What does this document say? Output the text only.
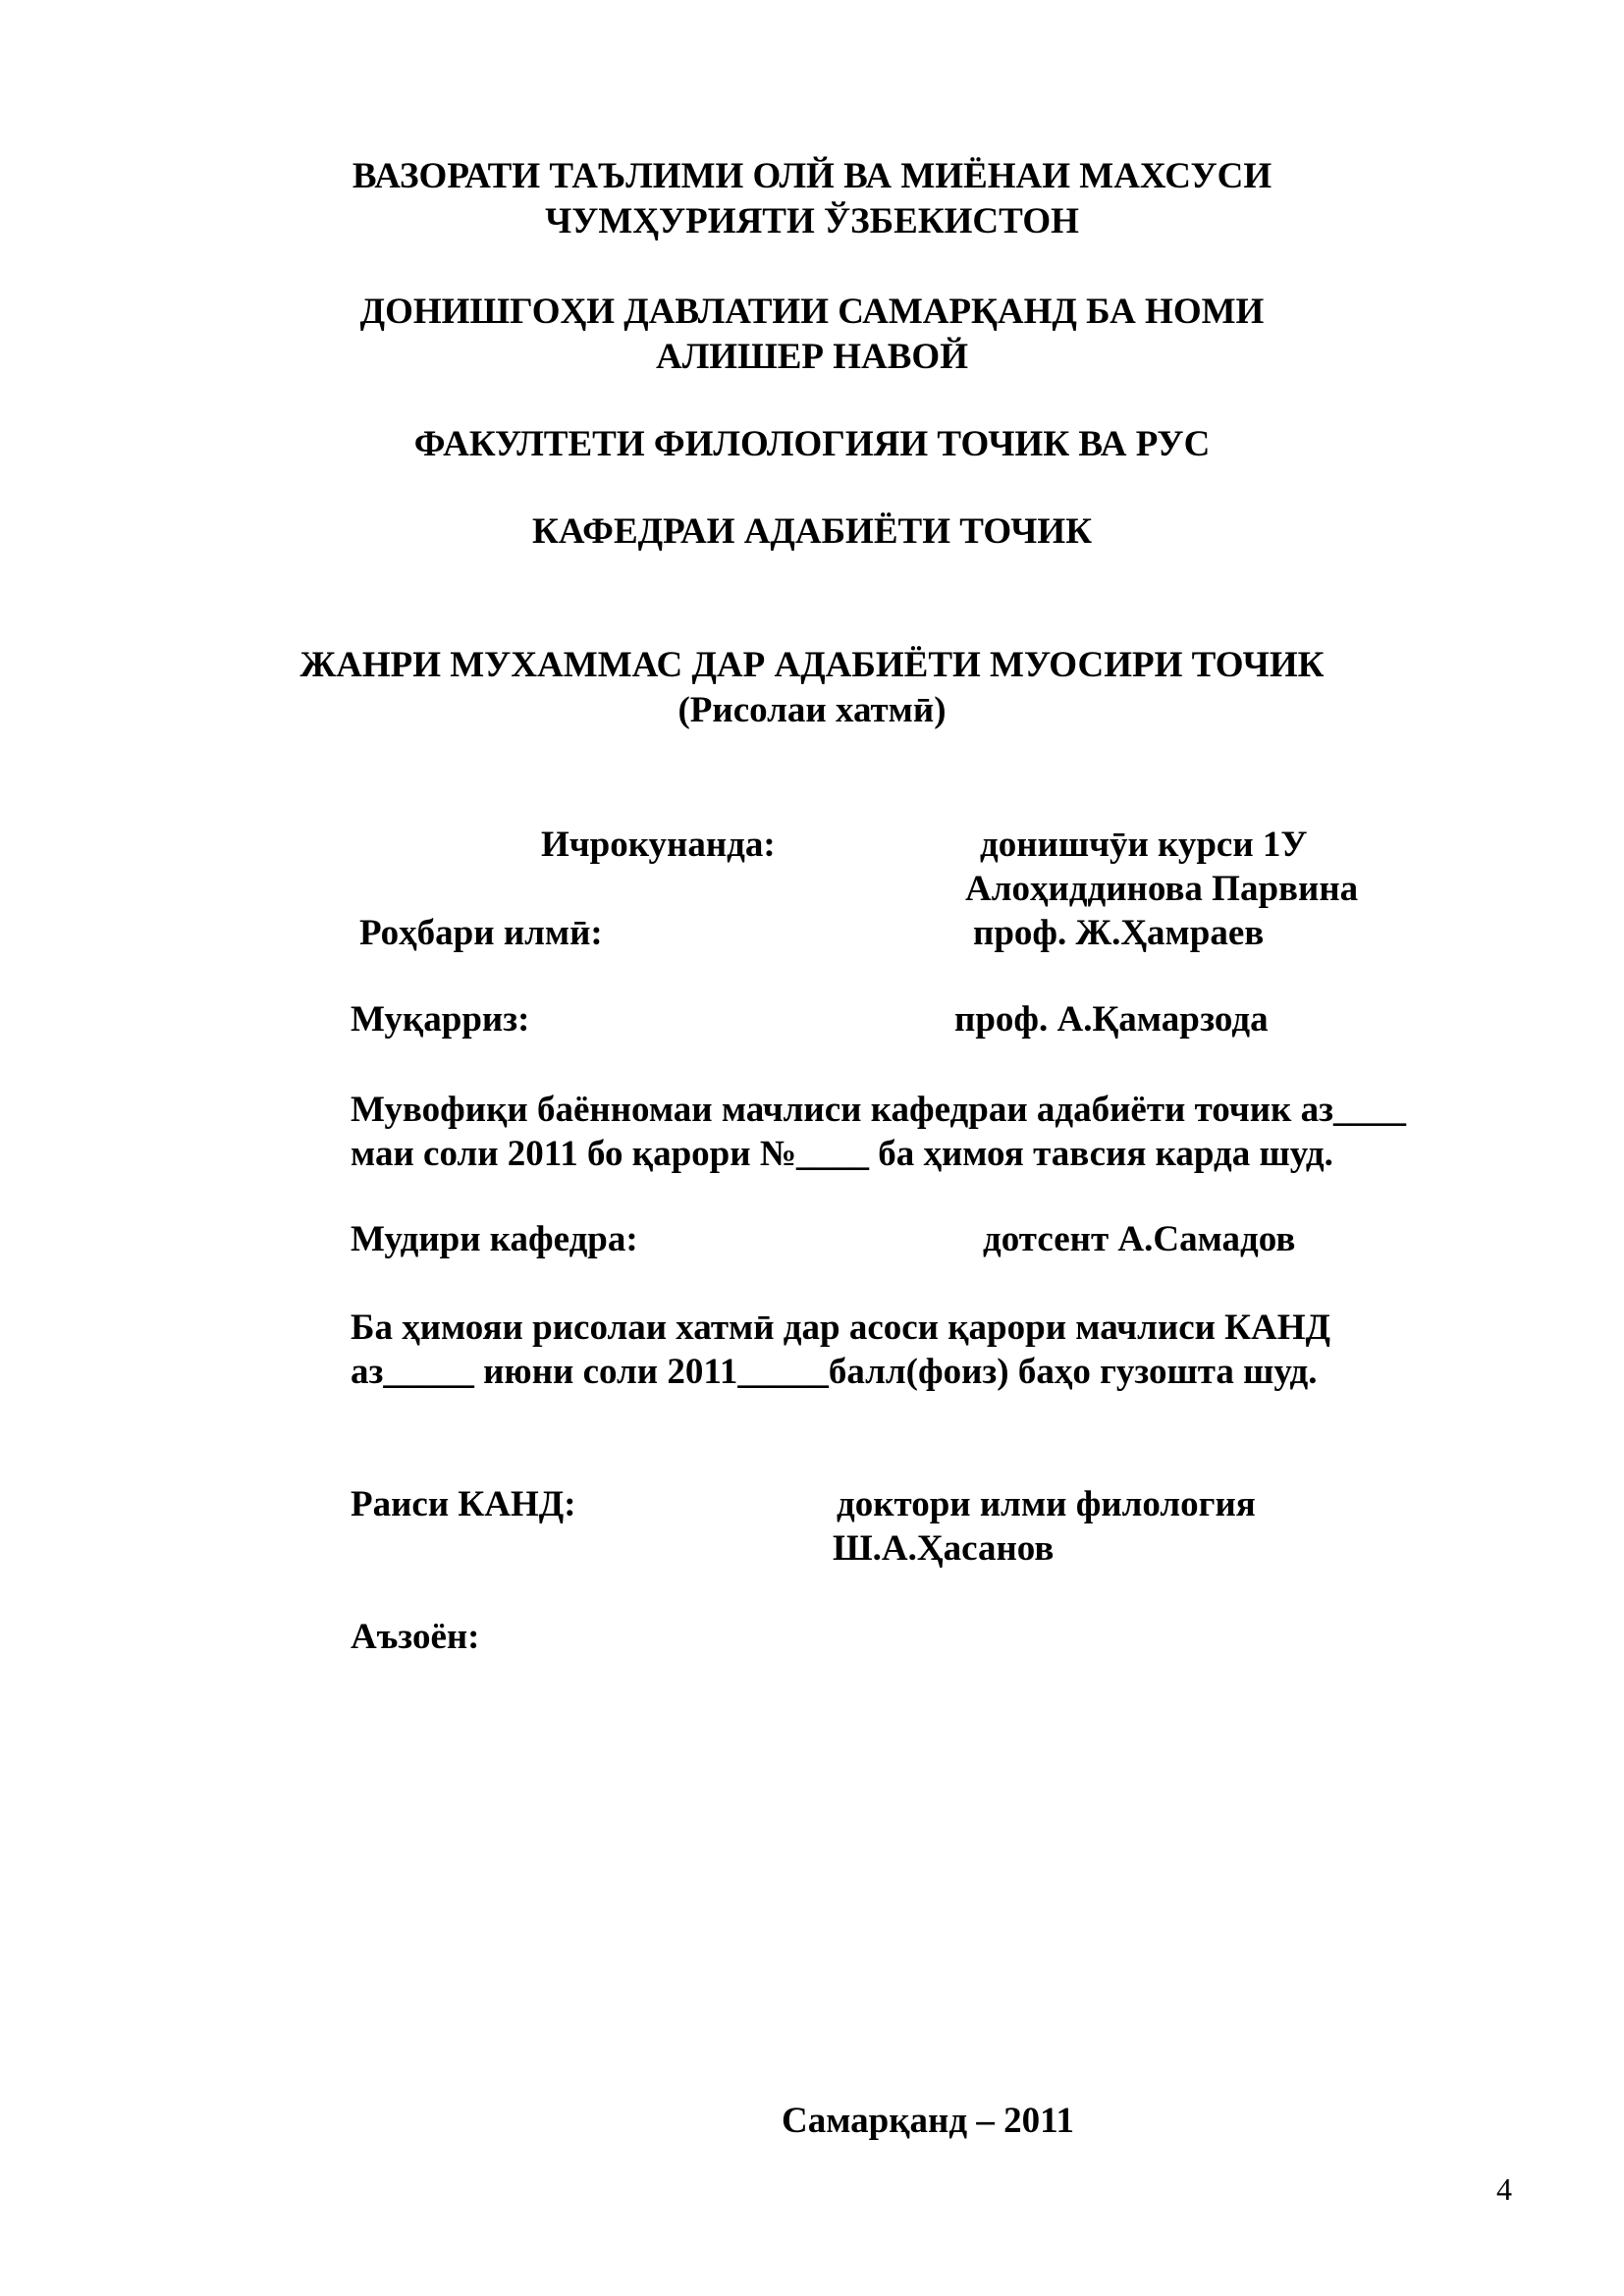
ВАЗОРАТИ ТАЪЛИМИ ОЛЙ ВА МИЁНАИ МАХСУСИ
ЧУМҲУРИЯТИ ЎЗБЕКИСТОН
ДОНИШГОҲИ ДАВЛАТИИ САМАРҚАНД БА НОМИ
АЛИШЕР НАВОЙ
ФАКУЛТЕТИ ФИЛОЛОГИЯИ ТОЧИК ВА РУС
КАФЕДРАИ АДАБИЁТИ ТОЧИК
ЖАНРИ МУХАММАС ДАР АДАБИЁТИ МУОСИРИ ТОЧИК
(Рисолаи хатмӣ)
Ичрокунанда:	донишчӯи курси 1У
Алоҳиддинова Парвина
Роҳбари илмӣ:	проф. Ж.Ҳамраев
Муқарриз:	проф. А.Қамарзода
Мувофиқи баённомаи мачлиси кафедраи адабиёти точик аз____
маи соли 2011 бо қарори №____ ба ҳимоя тавсия карда шуд.
Мудири кафедра:	дотсент А.Самадов
Ба ҳимояи рисолаи хатмӣ дар асоси қарори мачлиси КАНД
аз_____ июни соли 2011_____балл(фоиз) баҳо гузошта шуд.
Раиси КАНД:	доктори илми филология
Ш.А.Ҳасанов
Аъзоён:
Самарқанд – 2011
4
